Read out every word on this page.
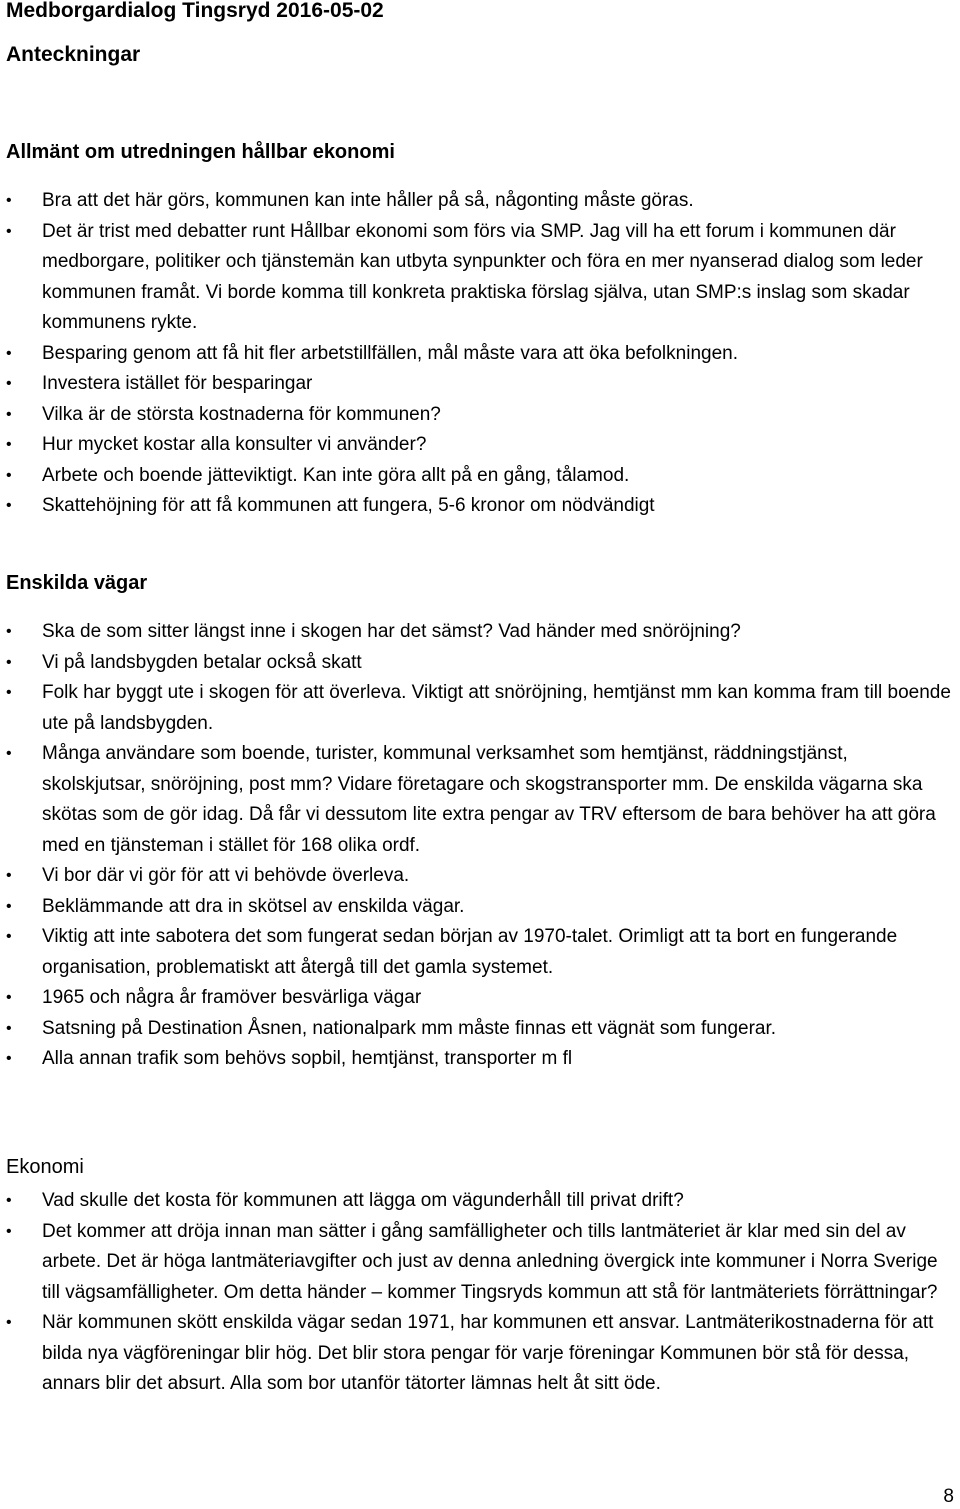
Medborgardialog Tingsryd 2016-05-02
Anteckningar
Allmänt om utredningen hållbar ekonomi
• Bra att det här görs, kommunen kan inte håller på så, någonting måste göras.
• Det är trist med debatter runt Hållbar ekonomi som förs via SMP. Jag vill ha ett forum i kommunen där medborgare, politiker och tjänstemän kan utbyta synpunkter och föra en mer nyanserad dialog som leder kommunen framåt. Vi borde komma till konkreta praktiska förslag själva, utan SMP:s inslag som skadar kommunens rykte.
• Besparing genom att få hit fler arbetstillfällen, mål måste vara att öka befolkningen.
• Investera istället för besparingar
• Vilka är de största kostnaderna för kommunen?
• Hur mycket kostar alla konsulter vi använder?
• Arbete och boende jätteviktigt. Kan inte göra allt på en gång, tålamod.
• Skattehöjning för att få kommunen att fungera, 5-6 kronor om nödvändigt
Enskilda vägar
• Ska de som sitter längst inne i skogen har det sämst? Vad händer med snöröjning?
• Vi på landsbygden betalar också skatt
• Folk har byggt ute i skogen för att överleva. Viktigt att snöröjning, hemtjänst mm kan komma fram till boende ute på landsbygden.
• Många användare som boende, turister, kommunal verksamhet som hemtjänst, räddningstjänst, skolskjutsar, snöröjning, post mm? Vidare företagare och skogstransporter mm. De enskilda vägarna ska skötas som de gör idag. Då får vi dessutom lite extra pengar av TRV eftersom de bara behöver ha att göra med en tjänsteman i stället för 168 olika ordf.
• Vi bor där vi gör för att vi behövde överleva.
• Beklämmande att dra in skötsel av enskilda vägar.
• Viktig att inte sabotera det som fungerat sedan början av 1970-talet. Orimligt att ta bort en fungerande organisation, problematiskt att återgå till det gamla systemet.
• 1965 och några år framöver besvärliga vägar
• Satsning på Destination Åsnen, nationalpark mm måste finnas ett vägnät som fungerar.
• Alla annan trafik som behövs sopbil, hemtjänst, transporter m fl
Ekonomi
• Vad skulle det kosta för kommunen att lägga om vägunderhåll till privat drift?
• Det kommer att dröja innan man sätter i gång samfälligheter och tills lantmäteriet är klar med sin del av arbete. Det är höga lantmäteriavgifter och just av denna anledning övergick inte kommuner i Norra Sverige till vägsamfälligheter. Om detta händer – kommer Tingsryds kommun att stå för lantmäteriets förrättningar?
• När kommunen skött enskilda vägar sedan 1971, har kommunen ett ansvar. Lantmäterikostnaderna för att bilda nya vägföreningar blir hög. Det blir stora pengar för varje föreningar Kommunen bör stå för dessa, annars blir det absurt. Alla som bor utanför tätorter lämnas helt åt sitt öde.
8
